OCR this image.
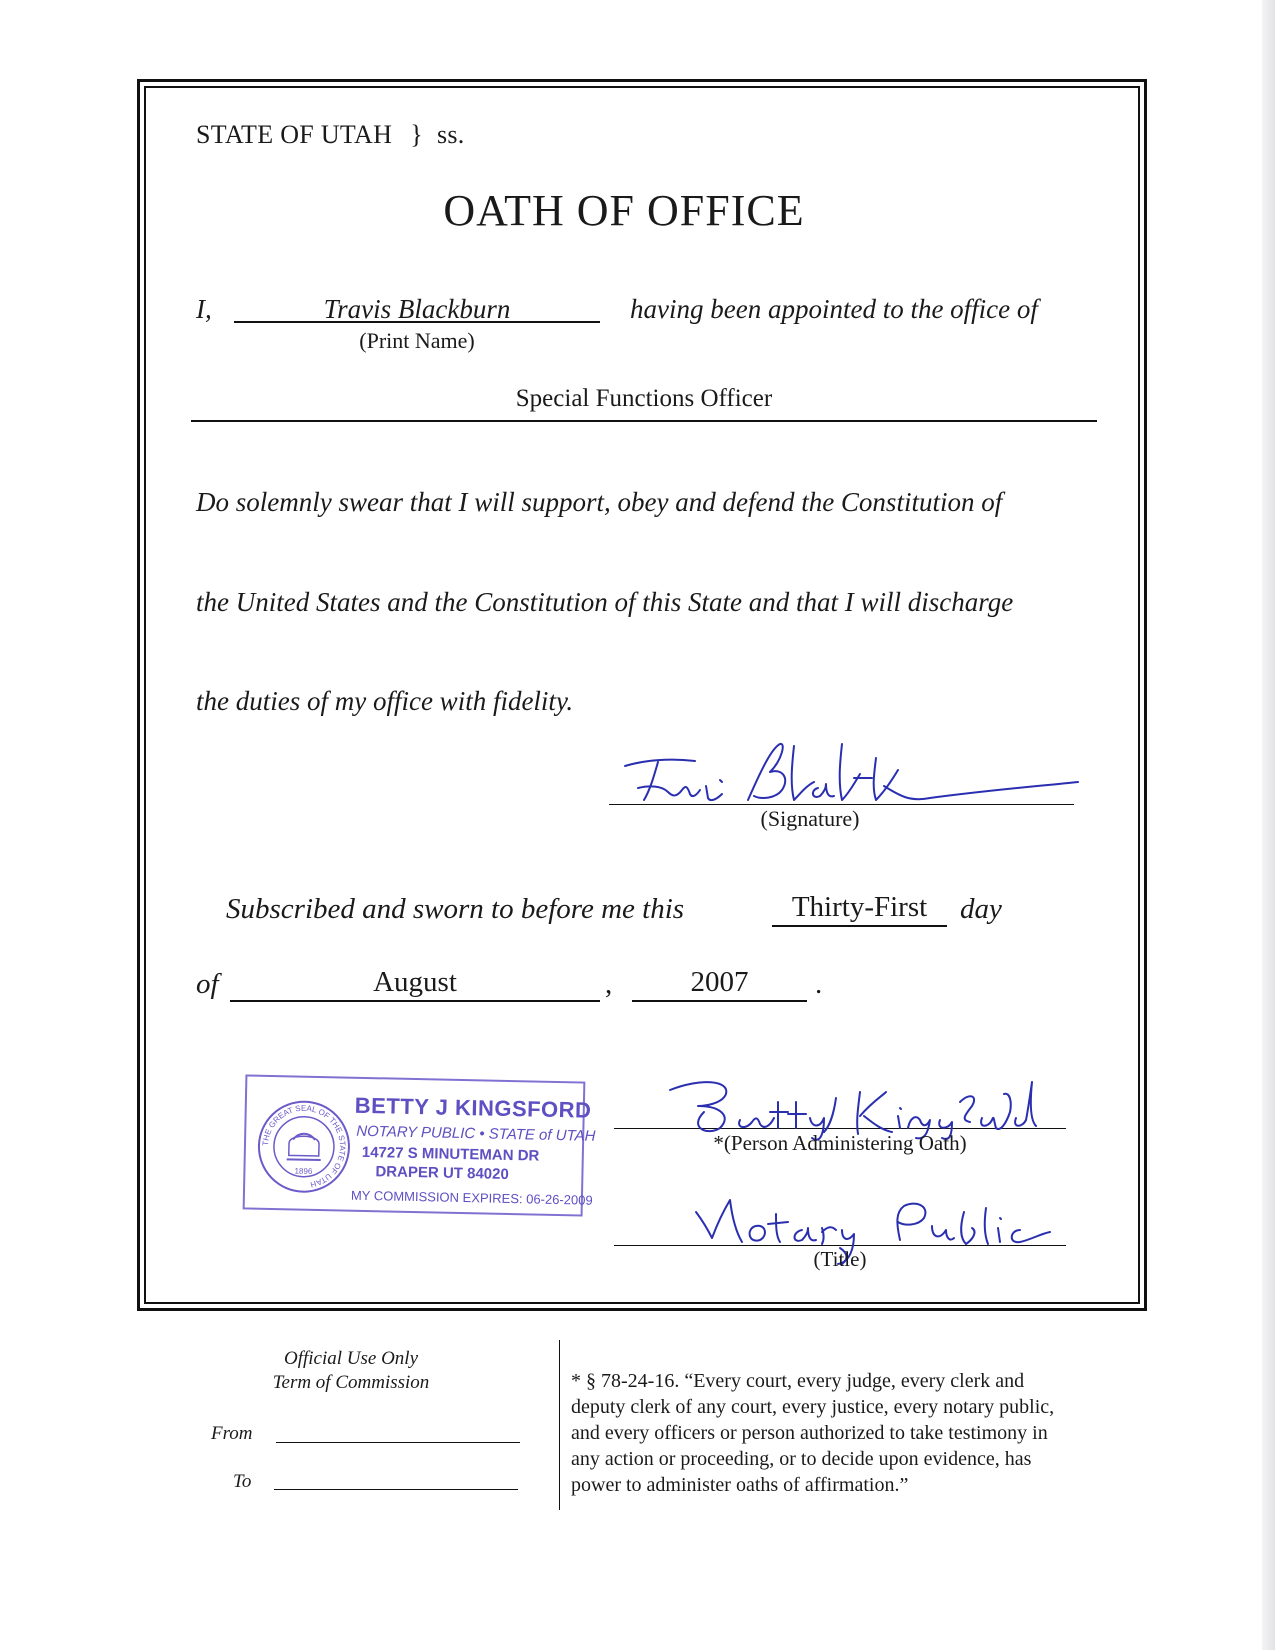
STATE OF UTAH } ss.
OATH OF OFFICE
I,	Travis Blackburn	having been appointed to the office of
(Print Name)
Special Functions Officer
Do solemnly swear that I will support, obey and defend the Constitution of
the United States and the Constitution of this State and that I will discharge
the duties of my office with fidelity.
(Signature)
Subscribed and sworn to before me this	Thirty-First	day
of	August	,	2007	.
THE GREAT SEAL OF THE STATE OF UTAH
1896
BETTY J KINGSFORD
NOTARY PUBLIC • STATE of UTAH
14727 S MINUTEMAN DR
DRAPER UT 84020
MY COMMISSION EXPIRES: 06-26-2009
*(Person Administering Oath)
(Title)
Official Use Only
Term of Commission
From
To
* § 78-24-16. “Every court, every judge, every clerk and
deputy clerk of any court, every justice, every notary public,
and every officers or person authorized to take testimony in
any action or proceeding, or to decide upon evidence, has
power to administer oaths of affirmation.”
